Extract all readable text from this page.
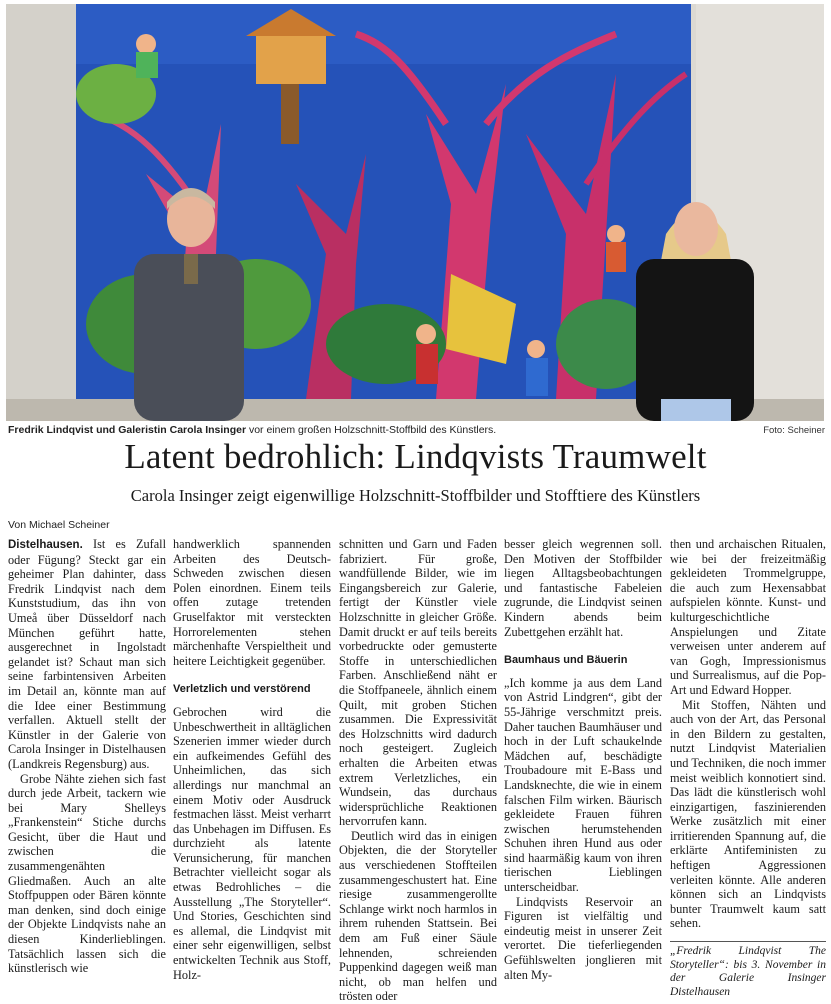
Fredrik Lindqvist und Galeristin Carola Insinger vor einem großen Holzschnitt-Stoffbild des Künstlers.	Foto: Scheiner
Latent bedrohlich: Lindqvists Traumwelt
Carola Insinger zeigt eigenwillige Holzschnitt-Stoffbilder und Stofftiere des Künstlers
Von Michael Scheiner

Distelhausen. Ist es Zufall oder Fügung? Steckt gar ein geheimer Plan dahinter, dass Fredrik Lindqvist nach dem Kunststudium, das ihn von Umeå über Düsseldorf nach München geführt hatte, ausgerechnet in Ingolstadt gelandet ist? Schaut man sich seine farbintensiven Arbeiten im Detail an, könnte man auf die Idee einer Bestimmung verfallen. Aktuell stellt der Künstler in der Galerie von Carola Insinger in Distelhausen (Landkreis Regensburg) aus.

Grobe Nähte ziehen sich fast durch jede Arbeit, tackern wie bei Mary Shelleys „Frankenstein“ Stiche durchs Gesicht, über die Haut und zwischen die zusammengenähten Gliedmaßen. Auch an alte Stoffpuppen oder Bären könnte man denken, sind doch einige der Objekte Lindqvists nahe an diesen Kinderlieblingen. Tatsächlich lassen sich die künstlerisch wie

handwerklich spannenden Arbeiten des Deutsch-Schweden zwischen diesen Polen einordnen. Einem teils offen zutage tretenden Gruselfaktor mit versteckten Horrorelementen stehen märchenhafte Verspieltheit und heitere Leichtigkeit gegenüber.

Verletzlich und verstörend

Gebrochen wird die Unbeschwertheit in alltäglichen Szenerien immer wieder durch ein aufkeimendes Gefühl des Unheimlichen, das sich allerdings nur manchmal an einem Motiv oder Ausdruck festmachen lässt. Meist verharrt das Unbehagen im Diffusen. Es durchzieht als latente Verunsicherung, für manchen Betrachter vielleicht sogar als etwas Bedrohliches – die Ausstellung „The Storyteller“. Und Stories, Geschichten sind es allemal, die Lindqvist mit einer sehr eigenwilligen, selbst entwickelten Technik aus Stoff, Holz-

schnitten und Garn und Faden fabriziert. Für große, wandfüllende Bilder, wie im Eingangsbereich zur Galerie, fertigt der Künstler viele Holzschnitte in gleicher Größe. Damit druckt er auf teils bereits vorbedruckte oder gemusterte Stoffe in unterschiedlichen Farben. Anschließend näht er die Stoffpaneele, ähnlich einem Quilt, mit groben Stichen zusammen. Die Expressivität des Holzschnitts wird dadurch noch gesteigert. Zugleich erhalten die Arbeiten etwas extrem Verletzliches, ein Wundsein, das durchaus widersprüchliche Reaktionen hervorrufen kann.

Deutlich wird das in einigen Objekten, die der Storyteller aus verschiedenen Stoffteilen zusammengeschustert hat. Eine riesige zusammengerollte Schlange wirkt noch harmlos in ihrem ruhenden Stattsein. Bei dem am Fuß einer Säule lehnenden, schreienden Puppenkind dagegen weiß man nicht, ob man helfen und trösten oder

besser gleich wegrennen soll. Den Motiven der Stoffbilder liegen Alltagsbeobachtungen und fantastische Fabeleien zugrunde, die Lindqvist seinen Kindern abends beim Zubettgehen erzählt hat.

Baumhaus und Bäuerin

„Ich komme ja aus dem Land von Astrid Lindgren“, gibt der 55-Jährige verschmitzt preis. Daher tauchen Baumhäuser und hoch in der Luft schaukelnde Mädchen auf, beschädigte Troubadoure mit E-Bass und Landsknechte, die wie in einem falschen Film wirken. Bäurisch gekleidete Frauen führen zwischen herumstehenden Schuhen ihren Hund aus oder sind haarmäßig kaum von ihren tierischen Lieblingen unterscheidbar.

Lindqvists Reservoir an Figuren ist vielfältig und eindeutig meist in unserer Zeit verortet. Die tieferliegenden Gefühlswelten jonglieren mit alten My-

then und archaischen Ritualen, wie bei der freizeitmäßig gekleideten Trommelgruppe, die auch zum Hexensabbat aufspielen könnte. Kunst- und kulturgeschichtliche Anspielungen und Zitate verweisen unter anderem auf van Gogh, Impressionismus und Surrealismus, auf die Pop-Art und Edward Hopper.

Mit Stoffen, Nähten und auch von der Art, das Personal in den Bildern zu gestalten, nutzt Lindqvist Materialien und Techniken, die noch immer meist weiblich konnotiert sind. Das lädt die künstlerisch wohl einzigartigen, faszinierenden Werke zusätzlich mit einer irritierenden Spannung auf, die erklärte Antifeministen zu heftigen Aggressionen verleiten könnte. Alle anderen können sich an Lindqvists bunter Traumwelt kaum satt sehen.

„Fredrik Lindqvist The Storyteller“: bis 3. November in der Galerie Insinger Distelhausen
